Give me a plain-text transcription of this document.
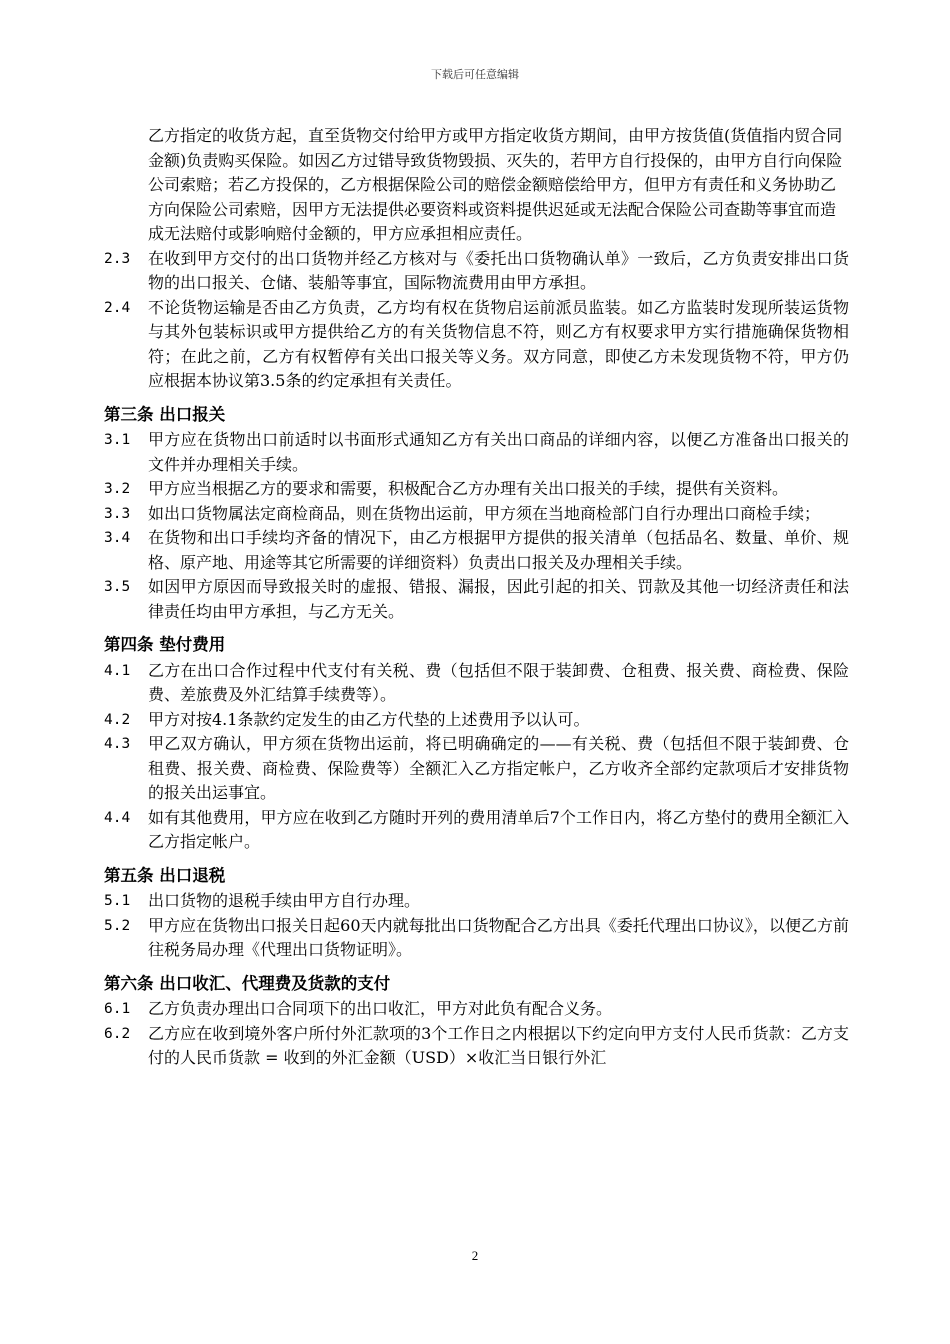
下载后可任意编辑
乙方指定的收货方起，直至货物交付给甲方或甲方指定收货方期间，由甲方按货值(货值指内贸合同金额)负责购买保险。如因乙方过错导致货物毁损、灭失的，若甲方自行投保的，由甲方自行向保险公司索赔；若乙方投保的，乙方根据保险公司的赔偿金额赔偿给甲方，但甲方有责任和义务协助乙方向保险公司索赔，因甲方无法提供必要资料或资料提供迟延或无法配合保险公司查勘等事宜而造成无法赔付或影响赔付金额的，甲方应承担相应责任。
2.3	在收到甲方交付的出口货物并经乙方核对与《委托出口货物确认单》一致后，乙方负责安排出口货物的出口报关、仓储、装船等事宜，国际物流费用由甲方承担。
2.4	不论货物运输是否由乙方负责，乙方均有权在货物启运前派员监装。如乙方监装时发现所装运货物与其外包装标识或甲方提供给乙方的有关货物信息不符，则乙方有权要求甲方实行措施确保货物相符；在此之前，乙方有权暂停有关出口报关等义务。双方同意，即使乙方未发现货物不符，甲方仍应根据本协议第3.5条的约定承担有关责任。
第三条 出口报关
3.1	甲方应在货物出口前适时以书面形式通知乙方有关出口商品的详细内容，以便乙方准备出口报关的文件并办理相关手续。
3.2	甲方应当根据乙方的要求和需要，积极配合乙方办理有关出口报关的手续，提供有关资料。
3.3	如出口货物属法定商检商品，则在货物出运前，甲方须在当地商检部门自行办理出口商检手续；
3.4	在货物和出口手续均齐备的情况下，由乙方根据甲方提供的报关清单（包括品名、数量、单价、规格、原产地、用途等其它所需要的详细资料）负责出口报关及办理相关手续。
3.5	如因甲方原因而导致报关时的虚报、错报、漏报，因此引起的扣关、罚款及其他一切经济责任和法律责任均由甲方承担，与乙方无关。
第四条 垫付费用
4.1	乙方在出口合作过程中代支付有关税、费（包括但不限于装卸费、仓租费、报关费、商检费、保险费、差旅费及外汇结算手续费等）。
4.2	甲方对按4.1条款约定发生的由乙方代垫的上述费用予以认可。
4.3	甲乙双方确认，甲方须在货物出运前，将已明确确定的——有关税、费（包括但不限于装卸费、仓租费、报关费、商检费、保险费等）全额汇入乙方指定帐户，乙方收齐全部约定款项后才安排货物的报关出运事宜。
4.4	如有其他费用，甲方应在收到乙方随时开列的费用清单后7个工作日内，将乙方垫付的费用全额汇入乙方指定帐户。
第五条 出口退税
5.1	出口货物的退税手续由甲方自行办理。
5.2	甲方应在货物出口报关日起60天内就每批出口货物配合乙方出具《委托代理出口协议》，以便乙方前往税务局办理《代理出口货物证明》。
第六条 出口收汇、代理费及货款的支付
6.1	乙方负责办理出口合同项下的出口收汇，甲方对此负有配合义务。
6.2	乙方应在收到境外客户所付外汇款项的3个工作日之内根据以下约定向甲方支付人民币货款：乙方支付的人民币货款 = 收到的外汇金额（USD）×收汇当日银行外汇
2
